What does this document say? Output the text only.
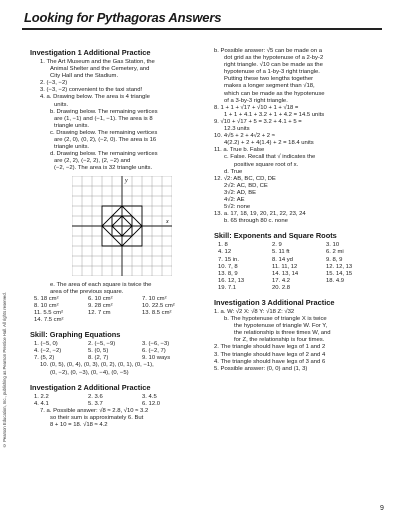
Looking for Pythagoras Answers
© Pearson Education, Inc., publishing as Pearson Prentice Hall. All rights reserved.
Investigation 1 Additional Practice
1. The Art Museum and the Gas Station, the
Animal Shelter and the Cemetery, and
City Hall and the Stadium.
2. (−3, −2)
3. (−3, −2) convenient to the taxi stand!
4. a. Drawing below. The area is 4 triangle
units.
b. Drawing below. The remaining vertices
are (1, −1) and (−1, −1). The area is 8
triangle units.
c. Drawing below. The remaining vertices
are (2, 0), (0, 2), (−2, 0). The area is 16
triangle units.
d. Drawing below. The remaining vertices
are (2, 2), (−2, 2), (2, −2) and
(−2, −2). The area is 32 triangle units.
y
x
e. The area of each square is twice the
area of the previous square.
5. 18 cm²	6. 10 cm²	7. 10 cm²
8. 10 cm²	9. 28 cm²	10. 22.5 cm²
11. 5.5 cm²	12. 7 cm	13. 8.5 cm²
14. 7.5 cm²
Skill: Graphing Equations
1. (−5, 0)	2. (−5, −9)	3. (−6, −3)
4. (−2, −2)	5. (0, 5)	6. (−2, 7)
7. (5, 2)	8. (2, 7)	9. 10 ways
10. (0, 5), (0, 4), (0, 3), (0, 2), (0, 1), (0, −1),
(0, −2), (0, −3), (0, −4), (0, −5)
Investigation 2 Additional Practice
1. 2.2	2. 3.6	3. 4.5
4. 4.1	5. 3.7	6. 12.0
7. a. Possible answer: √8 ≈ 2.8, √10 ≈ 3.2
so their sum is approximately 6. But
8 + 10 = 18. √18 ≈ 4.2
b. Possible answer: √5 can be made on a
dot grid as the hypotenuse of a 2-by-2
right triangle. √10 can be made as the
hypotenuse of a 1-by-3 right triangle.
Putting these two lengths together
makes a longer segment than √18,
which can be made as the hypotenuse
of a 3-by-3 right triangle.
8. 1 + 1 + √17 + √10 + 1 + √18 =
1 + 1 + 4.1 + 3.2 + 1 + 4.2 = 14.5 units
9. √10 + √17 + 5 = 3.2 + 4.1 + 5 =
12.3 units
10. 4√5 + 2 + 4√2 + 2 ≈
4(2.2) + 2 + 4(1.4) + 2 = 18.4 units
11. a. True b. False
c. False. Recall that √ indicates the
positive square root of x.
d. True
12. √2: AB, BC, CD, DE
2√2: AC, BD, CE
3√2: AD, BE
4√2: AE
5√2: none
13. a. 17, 18, 19, 20, 21, 22, 23, 24
b. 65 through 80 c. none
Skill: Exponents and Square Roots
1. 8	2. 9	3. 10
4. 12	5. 11 ft	6. 2 mi
7. 15 in.	8. 14 yd	9. 8, 9
10. 7, 8	11. 11, 12	12. 12, 13
13. 8, 9	14. 13, 14	15. 14, 15
16. 12, 13	17. 4.2	18. 4.9
19. 7.1	20. 2.8
Investigation 3 Additional Practice
1. a. W: √2 X: √8 Y: √18 Z: √32
b. The hypotenuse of triangle X is twice
the hypotenuse of triangle W. For Y,
the relationship is three times W, and
for Z, the relationship is four times.
2. The triangle should have legs of 1 and 2
3. The triangle should have legs of 2 and 4
4. The triangle should have legs of 3 and 6
5. Possible answer: (0, 0) and (1, 3)
9
